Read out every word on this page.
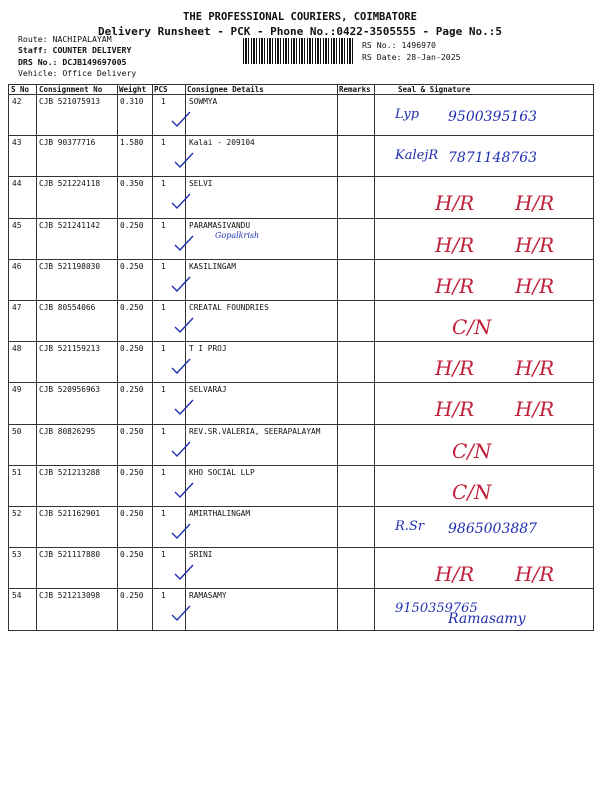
THE PROFESSIONAL COURIERS, COIMBATORE
Delivery Runsheet - PCK - Phone No.:0422-3505555 - Page No.:5
Route: NACHIPALAYAM
Staff: COUNTER DELIVERY
DRS No.: DCJB149697005
Vehicle: Office Delivery
RS No.: 1496970
RS Date: 28-Jan-2025
S No Consignment No Weight PCS	Consignee Details	Remarks	Seal & Signature
42 CJB 521075913	0.310 1	SOWMYA
Lyp 9500395163
43 CJB 90377716	1.580 1	Kalai - 209104
KalejR 7871148763
44 CJB 521224118	0.350 1	SELVI
H/R H/R
45 CJB 521241142	0.250 1	PARAMASIVANDU
Gopalkrish	H/R H/R
46 CJB 521198030	0.250 1	KASILINGAM
H/R H/R
47 CJB 80554066	0.250 1	CREATAL FOUNDRIES
C/N
48 CJB 521159213	0.250 1	T I PROJ
H/R H/R
49 CJB 520956963	0.250 1	SELVARAJ
H/R H/R
50 CJB 80826295	0.250 1	REV.SR.VALERIA, SEERAPALAYAM
C/N
51 CJB 521213288	0.250 1	KHO SOCIAL LLP
C/N
52 CJB 521162901	0.250 1	AMIRTHALINGAM
R.Sr 9865003887
53 CJB 521117880	0.250 1	SRINI
H/R H/R
54 CJB 521213098	0.250 1	RAMASAMY
9150359765
Ramasamy
